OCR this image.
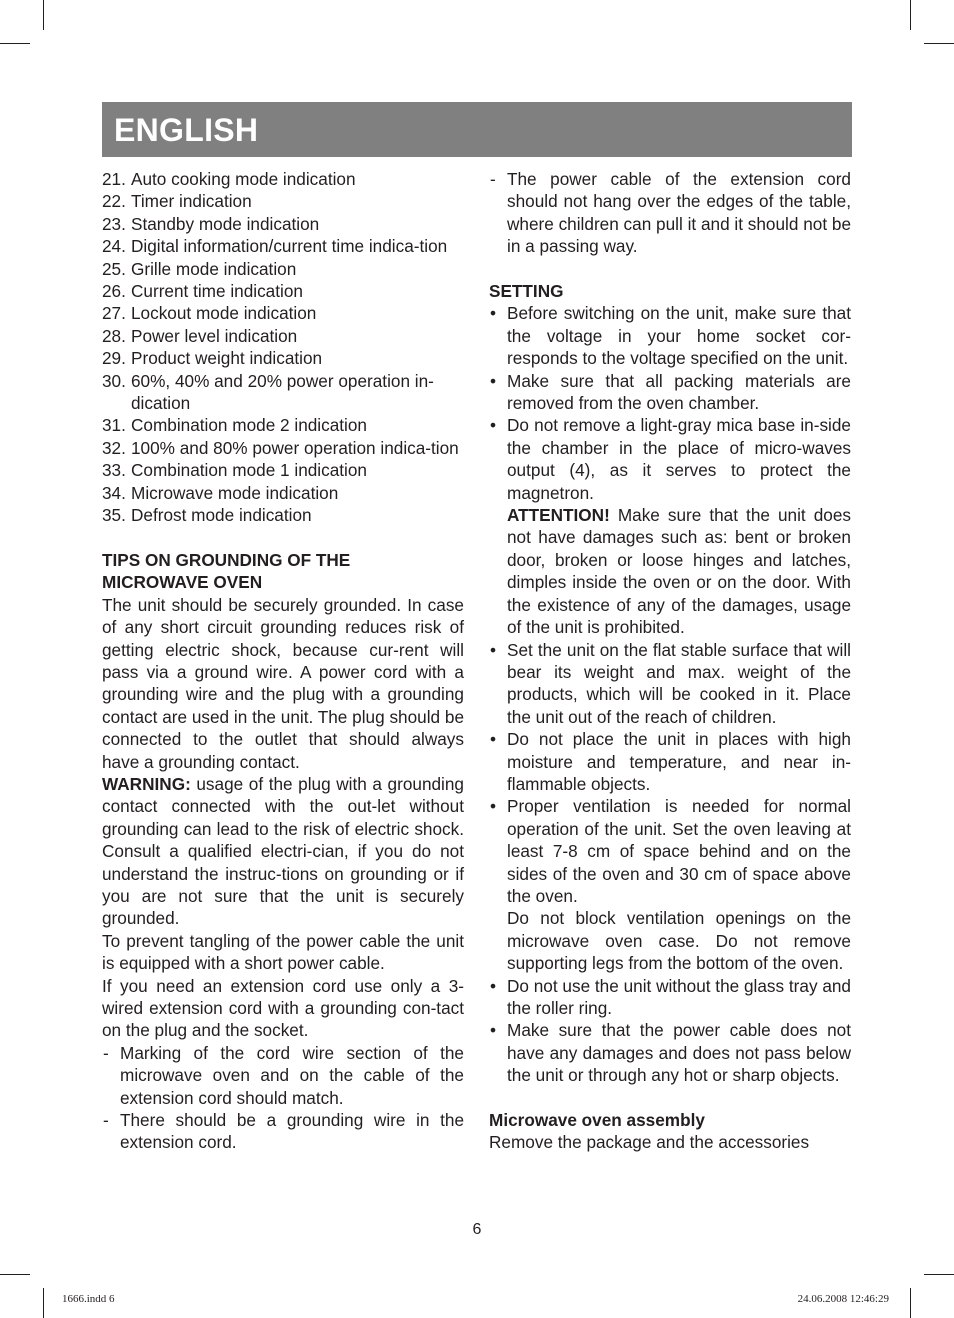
ENGLISH
21. Auto cooking mode indication
22. Timer indication
23. Standby mode indication
24. Digital information/current time indica-tion
25. Grille mode indication
26. Current time indication
27. Lockout mode indication
28. Power level indication
29. Product weight indication
30. 60%, 40% and 20% power operation in-dication
31. Combination mode 2 indication
32. 100% and 80% power operation indica-tion
33. Combination mode 1 indication
34. Microwave mode indication
35. Defrost mode indication

TIPS ON GROUNDING OF THE

MICROWAVE OVEN

The unit should be securely grounded. In case of any short circuit grounding reduces risk of getting electric shock, because cur-rent will pass via a ground wire. A power cord with a grounding wire and the plug with a grounding contact are used in the unit. The plug should be connected to the outlet that should always have a grounding contact.

WARNING: usage of the plug with a grounding contact connected with the out-let without grounding can lead to the risk of electric shock. Consult a qualified electri-cian, if you do not understand the instruc-tions on grounding or if you are not sure that the unit is securely grounded.

To prevent tangling of the power cable the unit is equipped with a short power cable.

If you need an extension cord use only a 3-wired extension cord with a grounding con-tact on the plug and the socket.

- Marking of the cord wire section of the microwave oven and on the cable of the extension cord should match.
- There should be a grounding wire in the extension cord.
- The power cable of the extension cord should not hang over the edges of the table, where children can pull it and it should not be in a passing way.

SETTING

• Before switching on the unit, make sure that the voltage in your home socket cor-responds to the voltage specified on the unit.
• Make sure that all packing materials are removed from the oven chamber.
• Do not remove a light-gray mica base in-side the chamber in the place of micro-waves output (4), as it serves to protect the magnetron.
ATTENTION! Make sure that the unit does not have damages such as: bent or broken door, broken or loose hinges and latches, dimples inside the oven or on the door. With the existence of any of the damages, usage of the unit is prohibited.
• Set the unit on the flat stable surface that will bear its weight and max. weight of the products, which will be cooked in it. Place the unit out of the reach of children.
• Do not place the unit in places with high moisture and temperature, and near in-flammable objects.
• Proper ventilation is needed for normal operation of the unit. Set the oven leaving at least 7-8 cm of space behind and on the sides of the oven and 30 cm of space above the oven.
Do not block ventilation openings on the microwave oven case. Do not remove supporting legs from the bottom of the oven.
• Do not use the unit without the glass tray and the roller ring.
• Make sure that the power cable does not have any damages and does not pass below the unit or through any hot or sharp objects.

Microwave oven assembly

Remove the package and the accessories

6
1666.indd 6	24.06.2008 12:46:29
